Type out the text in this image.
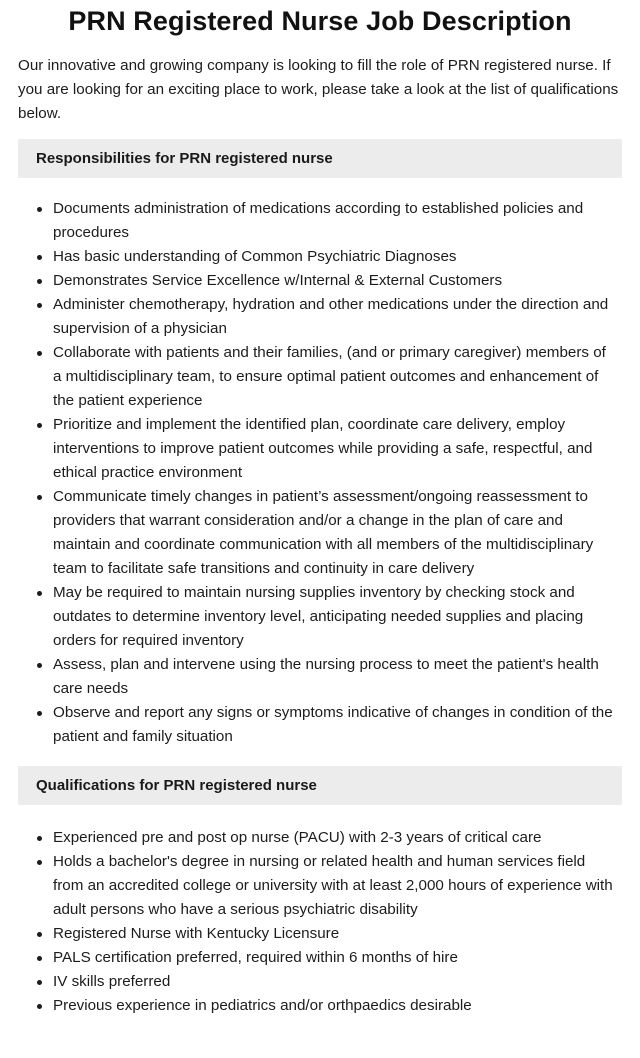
PRN Registered Nurse Job Description

Our innovative and growing company is looking to fill the role of PRN registered nurse. If you are looking for an exciting place to work, please take a look at the list of qualifications below.

Responsibilities for PRN registered nurse
Documents administration of medications according to established policies and procedures
Has basic understanding of Common Psychiatric Diagnoses
Demonstrates Service Excellence w/Internal & External Customers
Administer chemotherapy, hydration and other medications under the direction and supervision of a physician
Collaborate with patients and their families, (and or primary caregiver) members of a multidisciplinary team, to ensure optimal patient outcomes and enhancement of the patient experience
Prioritize and implement the identified plan, coordinate care delivery, employ interventions to improve patient outcomes while providing a safe, respectful, and ethical practice environment
Communicate timely changes in patient’s assessment/ongoing reassessment to providers that warrant consideration and/or a change in the plan of care and maintain and coordinate communication with all members of the multidisciplinary team to facilitate safe transitions and continuity in care delivery
May be required to maintain nursing supplies inventory by checking stock and outdates to determine inventory level, anticipating needed supplies and placing orders for required inventory
Assess, plan and intervene using the nursing process to meet the patient's health care needs
Observe and report any signs or symptoms indicative of changes in condition of the patient and family situation
Qualifications for PRN registered nurse
Experienced pre and post op nurse (PACU) with 2-3 years of critical care
Holds a bachelor's degree in nursing or related health and human services field from an accredited college or university with at least 2,000 hours of experience with adult persons who have a serious psychiatric disability
Registered Nurse with Kentucky Licensure
PALS certification preferred, required within 6 months of hire
IV skills preferred
Previous experience in pediatrics and/or orthpaedics desirable
